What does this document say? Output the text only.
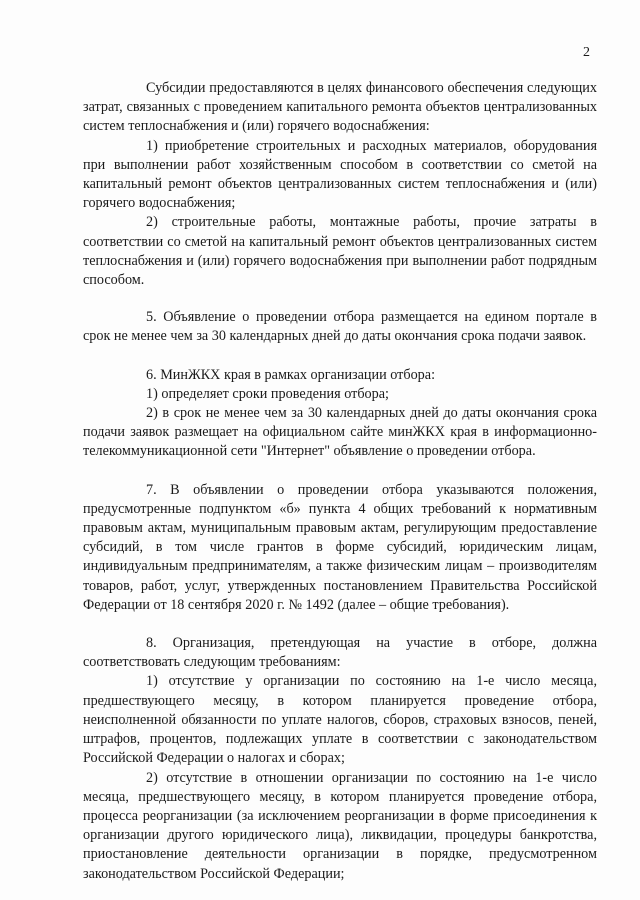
2

Субсидии предоставляются в целях финансового обеспечения следующих затрат, связанных с проведением капитального ремонта объектов централизованных систем теплоснабжения и (или) горячего водоснабжения:

1) приобретение строительных и расходных материалов, оборудования при выполнении работ хозяйственным способом в соответствии со сметой на капитальный ремонт объектов централизованных систем теплоснабжения и (или) горячего водоснабжения;

2) строительные работы, монтажные работы, прочие затраты в соответствии со сметой на капитальный ремонт объектов централизованных систем теплоснабжения и (или) горячего водоснабжения при выполнении работ подрядным способом.

5. Объявление о проведении отбора размещается на едином портале в срок не менее чем за 30 календарных дней до даты окончания срока подачи заявок.

6. МинЖКХ края в рамках организации отбора:

1) определяет сроки проведения отбора;

2) в срок не менее чем за 30 календарных дней до даты окончания срока подачи заявок размещает на официальном сайте минЖКХ края в информационно-телекоммуникационной сети "Интернет" объявление о проведении отбора.

7. В объявлении о проведении отбора указываются положения, предусмотренные подпунктом «б» пункта 4 общих требований к нормативным правовым актам, муниципальным правовым актам, регулирующим предоставление субсидий, в том числе грантов в форме субсидий, юридическим лицам, индивидуальным предпринимателям, а также физическим лицам – производителям товаров, работ, услуг, утвержденных постановлением Правительства Российской Федерации от 18 сентября 2020 г. № 1492 (далее – общие требования).

8. Организация, претендующая на участие в отборе, должна соответствовать следующим требованиям:

1) отсутствие у организации по состоянию на 1-е число месяца, предшествующего месяцу, в котором планируется проведение отбора, неисполненной обязанности по уплате налогов, сборов, страховых взносов, пеней, штрафов, процентов, подлежащих уплате в соответствии с законодательством Российской Федерации о налогах и сборах;

2) отсутствие в отношении организации по состоянию на 1-е число месяца, предшествующего месяцу, в котором планируется проведение отбора, процесса реорганизации (за исключением реорганизации в форме присоединения к организации другого юридического лица), ликвидации, процедуры банкротства, приостановление деятельности организации в порядке, предусмотренном законодательством Российской Федерации;
